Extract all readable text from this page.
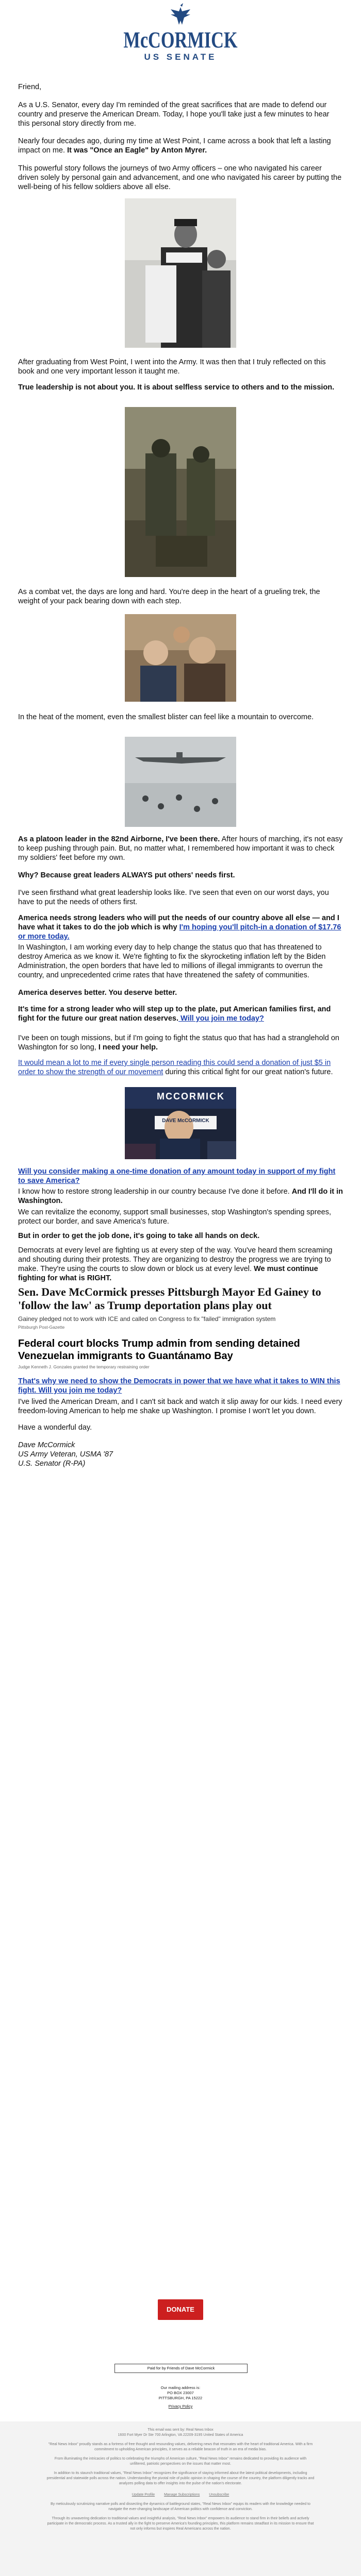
McCORMICK
US SENATE

Friend,

As a U.S. Senator, every day I'm reminded of the great sacrifices that are made to defend our country and preserve the American Dream. Today, I hope you'll take just a few minutes to hear this personal story directly from me.

Nearly four decades ago, during my time at West Point, I came across a book that left a lasting impact on me. It was "Once an Eagle" by Anton Myrer.

This powerful story follows the journeys of two Army officers – one who navigated his career driven solely by personal gain and advancement, and one who navigated his career by putting the well-being of his fellow soldiers above all else.

After graduating from West Point, I went into the Army. It was then that I truly reflected on this book and one very important lesson it taught me.

True leadership is not about you. It is about selfless service to others and to the mission.

As a combat vet, the days are long and hard. You're deep in the heart of a grueling trek, the weight of your pack bearing down with each step.

In the heat of the moment, even the smallest blister can feel like a mountain to overcome.

As a platoon leader in the 82nd Airborne, I've been there. After hours of marching, it's not easy to keep pushing through pain. But, no matter what, I remembered how important it was to check my soldiers' feet before my own.

Why? Because great leaders ALWAYS put others' needs first.

I've seen firsthand what great leadership looks like. I've seen that even on our worst days, you have to put the needs of others first.

America needs strong leaders who will put the needs of our country above all else — and I have what it takes to do the job which is why I'm hoping you'll pitch-in a donation of $17.76 or more today.

In Washington, I am working every day to help change the status quo that has threatened to destroy America as we know it. We're fighting to fix the skyrocketing inflation left by the Biden Administration, the open borders that have led to millions of illegal immigrants to overrun the country, and unprecedented crime rates that have threatened the safety of communities.

America deserves better. You deserve better.

It's time for a strong leader who will step up to the plate, put American families first, and fight for the future our great nation deserves. Will you join me today?

I've been on tough missions, but if I'm going to fight the status quo that has had a stranglehold on Washington for so long, I need your help.

It would mean a lot to me if every single person reading this could send a donation of just $5 in order to show the strength of our movement during this critical fight for our great nation's future.

MCCORMICK
DAVE McCORMICK

Will you consider making a one-time donation of any amount today in support of my fight to save America?

I know how to restore strong leadership in our country because I've done it before. And I'll do it in Washington.

We can revitalize the economy, support small businesses, stop Washington's spending sprees, protect our border, and save America's future.

But in order to get the job done, it's going to take all hands on deck.

Democrats at every level are fighting us at every step of the way. You've heard them screaming and shouting during their protests. They are organizing to destroy the progress we are trying to make. They're using the courts to slow down or block us at every level. We must continue fighting for what is RIGHT.

Sen. Dave McCormick presses Pittsburgh Mayor Ed Gainey to 'follow the law' as Trump deportation plans play out
Gainey pledged not to work with ICE and called on Congress to fix "failed" immigration system
Pittsburgh Post-Gazette
Federal court blocks Trump admin from sending detained Venezuelan immigrants to Guantánamo Bay
Judge Kenneth J. Gonzales granted the temporary restraining order

That's why we need to show the Democrats in power that we have what it takes to WIN this fight. Will you join me today?

I've lived the American Dream, and I can't sit back and watch it slip away for our kids. I need every freedom-loving American to help me shake up Washington. I promise I won't let you down.

Have a wonderful day.

Dave McCormick

US Army Veteran, USMA '87

U.S. Senator (R-PA)

DONATE
Paid for by Friends of Dave McCormick
Our mailing address is:
PO BOX 23007
PITTSBURGH, PA 15222
Privacy Policy
This email was sent by: Real News Inbox
1600 Fort Myer Dr Ste 700 Arlington, VA 22209-3195 United States of America
"Real News Inbox" proudly stands as a fortress of free thought and resounding values, delivering news that resonates with the heart of traditional America. With a firm commitment to upholding American principles, it serves as a reliable beacon of truth in an era of media bias.
From illuminating the intricacies of politics to celebrating the triumphs of American culture, "Real News Inbox" remains dedicated to providing its audience with unfiltered, patriotic perspectives on the issues that matter most.
In addition to its staunch traditional values, "Real News Inbox" recognizes the significance of staying informed about the latest political developments, including presidential and statewide polls across the nation. Understanding the pivotal role of public opinion in shaping the course of the country, the platform diligently tracks and analyzes polling data to offer insights into the pulse of the nation's electorate.
Update Profile	Manage Subscriptions	Unsubscribe
By meticulously scrutinizing narrative polls and dissecting the dynamics of battleground states, "Real News Inbox" equips its readers with the knowledge needed to navigate the ever-changing landscape of American politics with confidence and conviction.
Through its unwavering dedication to traditional values and insightful analysis, "Real News Inbox" empowers its audience to stand firm in their beliefs and actively participate in the democratic process. As a trusted ally in the fight to preserve America's founding principles, this platform remains steadfast in its mission to ensure that not only informs but inspires Real Americans across the nation.
